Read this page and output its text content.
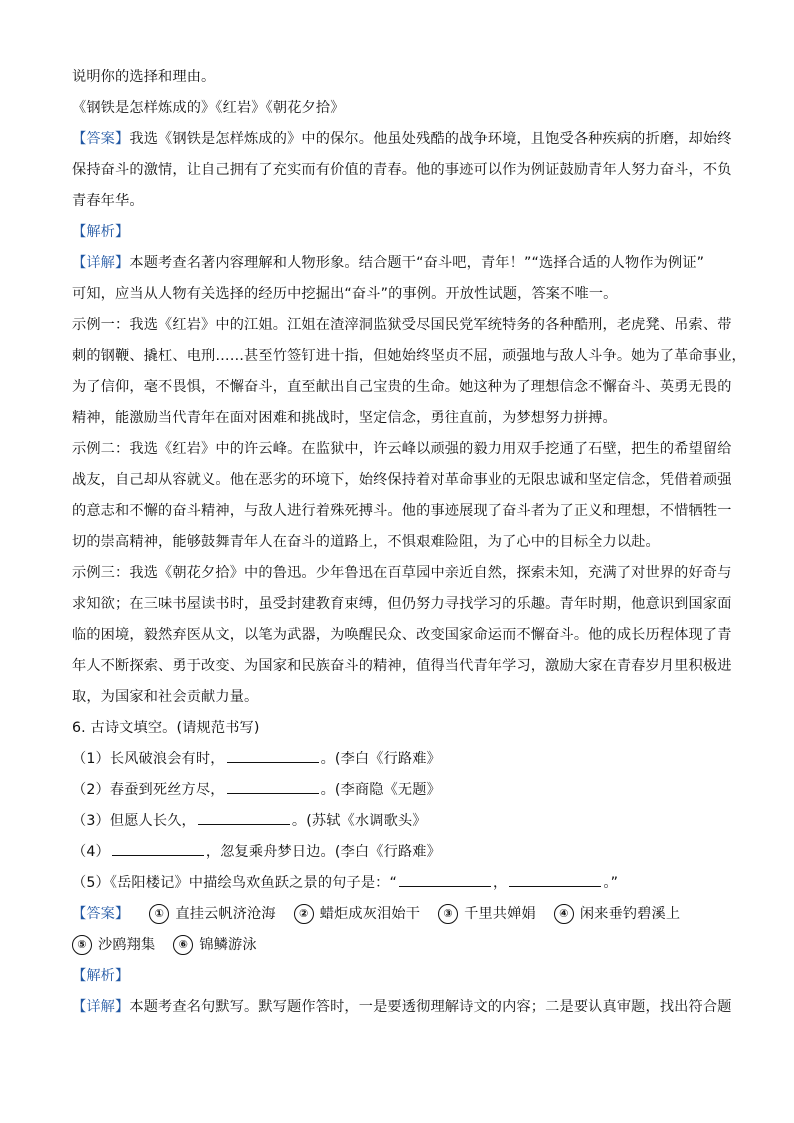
说明你的选择和理由。
《钢铁是怎样炼成的》《红岩》《朝花夕拾》
【答案】我选《钢铁是怎样炼成的》中的保尔。他虽处残酷的战争环境，且饱受各种疾病的折磨，却始终
保持奋斗的激情，让自己拥有了充实而有价值的青春。他的事迹可以作为例证鼓励青年人努力奋斗，不负
青春年华。
【解析】
【详解】本题考查名著内容理解和人物形象。结合题干“奋斗吧，青年！”“选择合适的人物作为例证”
可知，应当从人物有关选择的经历中挖掘出“奋斗”的事例。开放性试题，答案不唯一。
示例一：我选《红岩》中的江姐。江姐在渣滓洞监狱受尽国民党军统特务的各种酷刑，老虎凳、吊索、带
刺的钢鞭、撬杠、电刑……甚至竹签钉进十指，但她始终坚贞不屈，顽强地与敌人斗争。她为了革命事业，
为了信仰，毫不畏惧，不懈奋斗，直至献出自己宝贵的生命。她这种为了理想信念不懈奋斗、英勇无畏的
精神，能激励当代青年在面对困难和挑战时，坚定信念，勇往直前，为梦想努力拼搏。
示例二：我选《红岩》中的许云峰。在监狱中，许云峰以顽强的毅力用双手挖通了石壁，把生的希望留给
战友，自己却从容就义。他在恶劣的环境下，始终保持着对革命事业的无限忠诚和坚定信念，凭借着顽强
的意志和不懈的奋斗精神，与敌人进行着殊死搏斗。他的事迹展现了奋斗者为了正义和理想，不惜牺牲一
切的崇高精神，能够鼓舞青年人在奋斗的道路上，不惧艰难险阻，为了心中的目标全力以赴。
示例三：我选《朝花夕拾》中的鲁迅。少年鲁迅在百草园中亲近自然，探索未知，充满了对世界的好奇与
求知欲；在三味书屋读书时，虽受封建教育束缚，但仍努力寻找学习的乐趣。青年时期，他意识到国家面
临的困境，毅然弃医从文，以笔为武器，为唤醒民众、改变国家命运而不懈奋斗。他的成长历程体现了青
年人不断探索、勇于改变、为国家和民族奋斗的精神，值得当代青年学习，激励大家在青春岁月里积极进
取，为国家和社会贡献力量。
6. 古诗文填空。(请规范书写)
（1）长风破浪会有时，	。(李白《行路难》
（2）春蚕到死丝方尽，	。(李商隐《无题》
（3）但愿人长久，	。(苏轼《水调歌头》
（4）	，忽复乘舟梦日边。(李白《行路难》
（5）《岳阳楼记》中描绘鸟欢鱼跃之景的句子是：“	，	。”
【答案】 ① 直挂云帆济沧海 ② 蜡炬成灰泪始干 ③ 千里共婵娟 ④ 闲来垂钓碧溪上
⑤ 沙鸥翔集 ⑥ 锦鳞游泳
【解析】
【详解】本题考查名句默写。默写题作答时，一是要透彻理解诗文的内容；二是要认真审题，找出符合题
